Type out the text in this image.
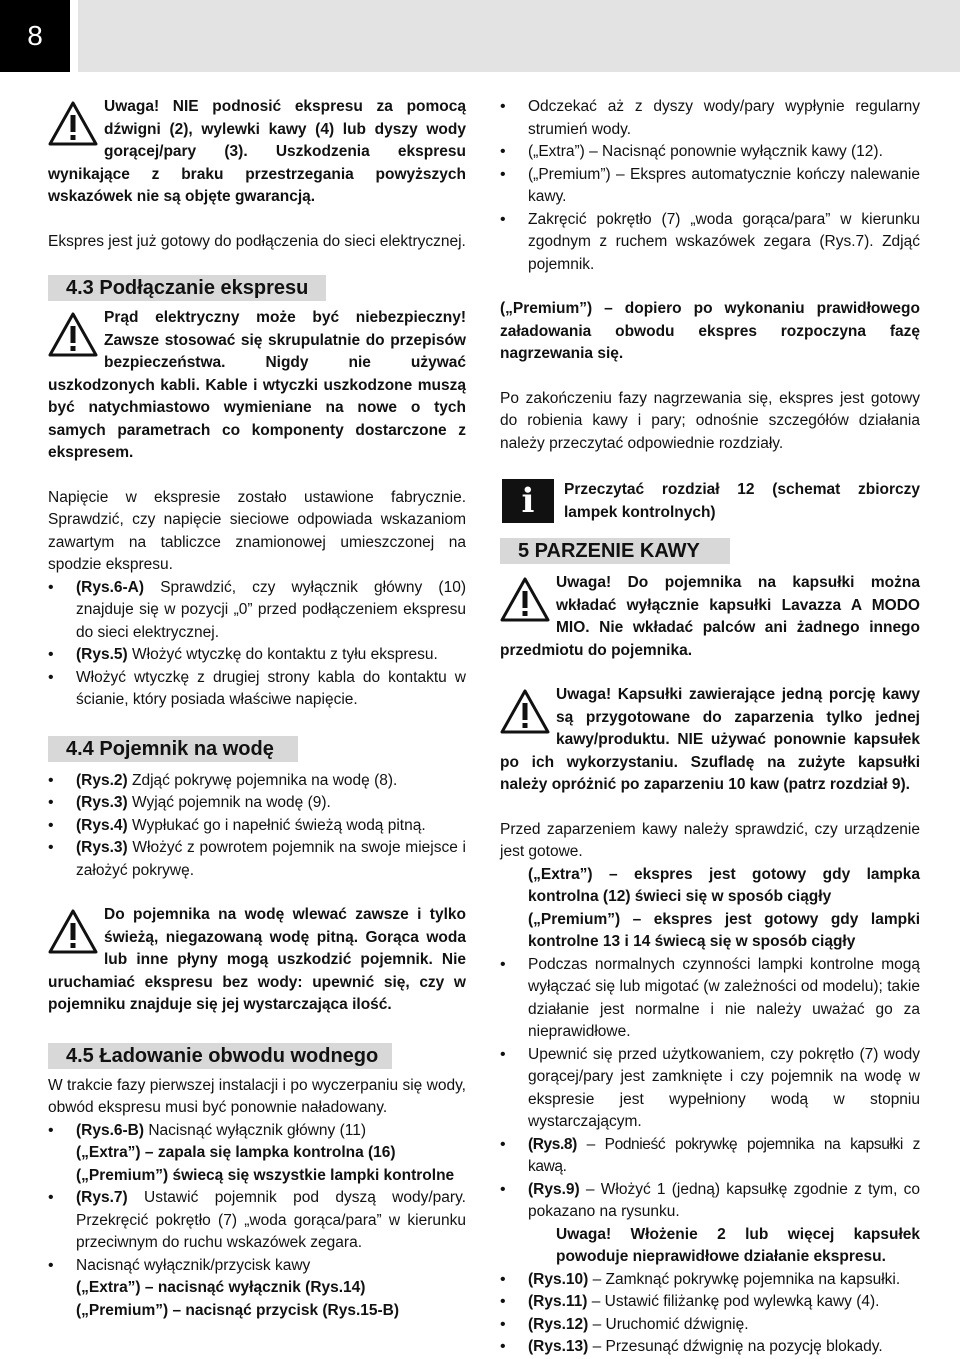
8

Uwaga! NIE podnosić ekspresu za pomocą dźwigni (2), wylewki kawy (4) lub dyszy wody gorącej/pary (3). Uszkodzenia ekspresu wynikające z braku przestrzegania powyższych wskazówek nie są objęte gwarancją.

Ekspres jest już gotowy do podłączenia do sieci elektrycznej.

4.3 Podłączanie ekspresu

Prąd elektryczny może być niebezpieczny! Zawsze stosować się skrupulatnie do przepisów bezpieczeństwa. Nigdy nie używać uszkodzonych kabli. Kable i wtyczki uszkodzone muszą być natychmiastowo wymieniane na nowe o tych samych parametrach co komponenty dostarczone z ekspresem.

Napięcie w ekspresie zostało ustawione fabrycznie. Sprawdzić, czy napięcie sieciowe odpowiada wskazaniom zawartym na tabliczce znamionowej umieszczonej na spodzie ekspresu.

• (Rys.6-A) Sprawdzić, czy wyłącznik główny (10) znajduje się w pozycji „0” przed podłączeniem ekspresu do sieci elektrycznej.
• (Rys.5) Włożyć wtyczkę do kontaktu z tyłu ekspresu.
• Włożyć wtyczkę z drugiej strony kabla do kontaktu w ścianie, który posiada właściwe napięcie.
4.4 Pojemnik na wodę
• (Rys.2) Zdjąć pokrywę pojemnika na wodę (8).
• (Rys.3) Wyjąć pojemnik na wodę (9).
• (Rys.4) Wypłukać go i napełnić świeżą wodą pitną.
• (Rys.3) Włożyć z powrotem pojemnik na swoje miejsce i założyć pokrywę.

Do pojemnika na wodę wlewać zawsze i tylko świeżą, niegazowaną wodę pitną. Gorąca woda lub inne płyny mogą uszkodzić pojemnik. Nie uruchamiać ekspresu bez wody: upewnić się, czy w pojemniku znajduje się jej wystarczająca ilość.

4.5 Ładowanie obwodu wodnego

W trakcie fazy pierwszej instalacji i po wyczerpaniu się wody, obwód ekspresu musi być ponownie naładowany.

• (Rys.6-B) Nacisnąć wyłącznik główny (11)
(„Extra”) – zapala się lampka kontrolna (16)
(„Premium”) świecą się wszystkie lampki kontrolne
• (Rys.7) Ustawić pojemnik pod dyszą wody/pary. Przekręcić pokrętło (7) „woda gorąca/para” w kierunku przeciwnym do ruchu wskazówek zegara.
• Nacisnąć wyłącznik/przycisk kawy
(„Extra”) – nacisnąć wyłącznik (Rys.14)
(„Premium”) – nacisnąć przycisk (Rys.15-B)
• Odczekać aż z dyszy wody/pary wypłynie regularny strumień wody.
• („Extra”) – Nacisnąć ponownie wyłącznik kawy (12).
• („Premium”) – Ekspres automatycznie kończy nalewanie kawy.
• Zakręcić pokrętło (7) „woda gorąca/para” w kierunku zgodnym z ruchem wskazówek zegara (Rys.7). Zdjąć pojemnik.

(„Premium”) – dopiero po wykonaniu prawidłowego załadowania obwodu ekspres rozpoczyna fazę nagrzewania się.

Po zakończeniu fazy nagrzewania się, ekspres jest gotowy do robienia kawy i pary; odnośnie szczegółów działania należy przeczytać odpowiednie rozdziały.

i	Przeczytać rozdział 12 (schemat zbiorczy lampek kontrolnych)

5 PARZENIE KAWY

Uwaga! Do pojemnika na kapsułki można wkładać wyłącznie kapsułki Lavazza A MODO MIO. Nie wkładać palców ani żadnego innego przedmiotu do pojemnika.

Uwaga! Kapsułki zawierające jedną porcję kawy są przygotowane do zaparzenia tylko jednej kawy/produktu. NIE używać ponownie kapsułek po ich wykorzystaniu. Szufladę na zużyte kapsułki należy opróżnić po zaparzeniu 10 kaw (patrz rozdział 9).

Przed zaparzeniem kawy należy sprawdzić, czy urządzenie jest gotowe.

(„Extra”) – ekspres jest gotowy gdy lampka kontrolna (12) świeci się w sposób ciągły

(„Premium”) – ekspres jest gotowy gdy lampki kontrolne 13 i 14 świecą się w sposób ciągły

• Podczas normalnych czynności lampki kontrolne mogą wyłączać się lub migotać (w zależności od modelu); takie działanie jest normalne i nie należy uważać go za nieprawidłowe.
• Upewnić się przed użytkowaniem, czy pokrętło (7) wody gorącej/pary jest zamknięte i czy pojemnik na wodę w ekspresie jest wypełniony wodą w stopniu wystarczającym.
• (Rys.8) – Podnieść pokrywkę pojemnika na kapsułki z kawą.
• (Rys.9) – Włożyć 1 (jedną) kapsułkę zgodnie z tym, co pokazano na rysunku.

Uwaga! Włożenie 2 lub więcej kapsułek powoduje nieprawidłowe działanie ekspresu.

• (Rys.10) – Zamknąć pokrywkę pojemnika na kapsułki.
• (Rys.11) – Ustawić filiżankę pod wylewką kawy (4).
• (Rys.12) – Uruchomić dźwignię.
• (Rys.13) – Przesunąć dźwignię na pozycję blokady.
